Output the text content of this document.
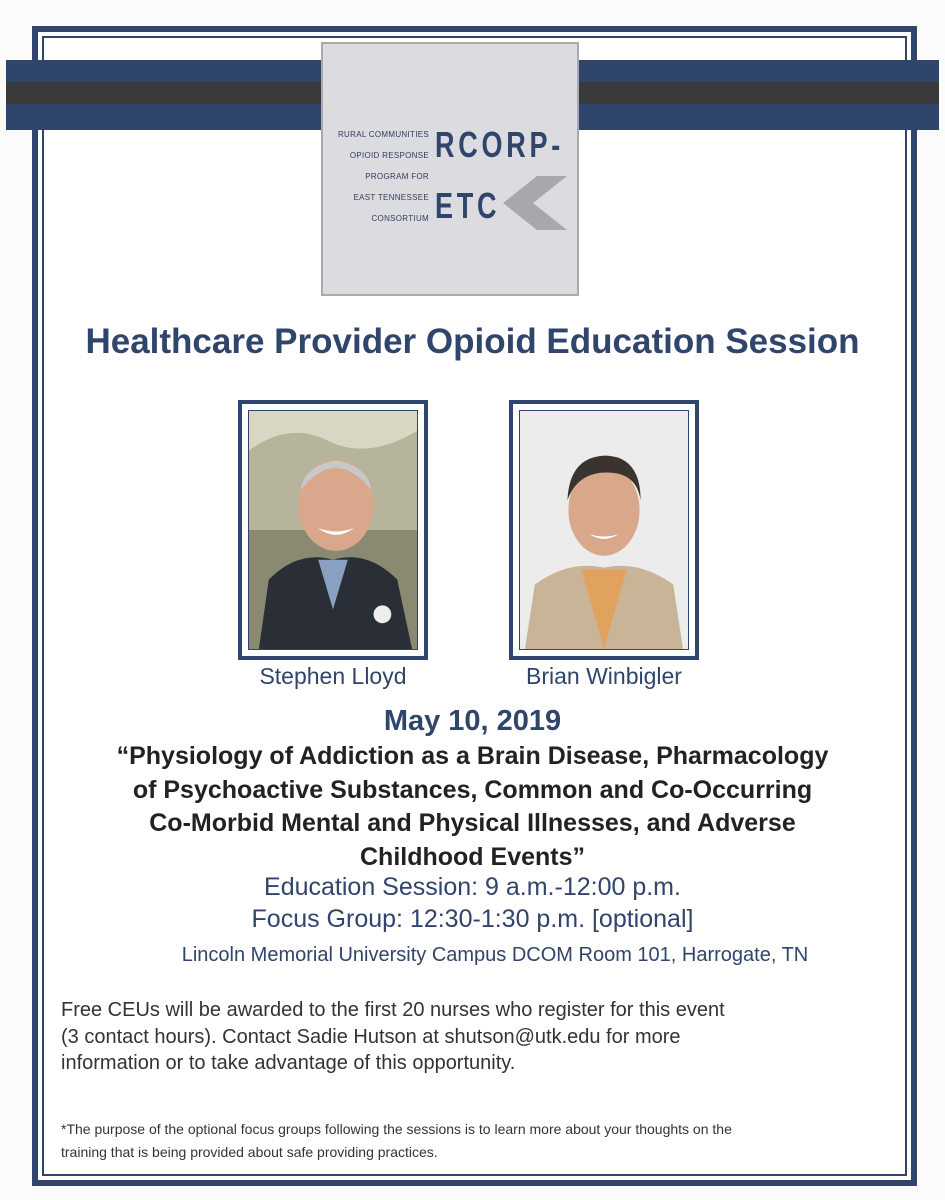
RURAL COMMUNITIES
OPIOID RESPONSE
PROGRAM FOR
EAST TENNESSEE
CONSORTIUM
RCORP-
ETC
Healthcare Provider Opioid Education Session
Stephen Lloyd	Brian Winbigler
May 10, 2019
“Physiology of Addiction as a Brain Disease, Pharmacology
of Psychoactive Substances, Common and Co-Occurring
Co-Morbid Mental and Physical Illnesses, and Adverse
Childhood Events”
Education Session: 9 a.m.-12:00 p.m.
Focus Group: 12:30-1:30 p.m. [optional]
Lincoln Memorial University Campus DCOM Room 101, Harrogate, TN
Free CEUs will be awarded to the first 20 nurses who register for this event
(3 contact hours). Contact Sadie Hutson at shutson@utk.edu for more
information or to take advantage of this opportunity.
*The purpose of the optional focus groups following the sessions is to learn more about your thoughts on the
training that is being provided about safe providing practices.
